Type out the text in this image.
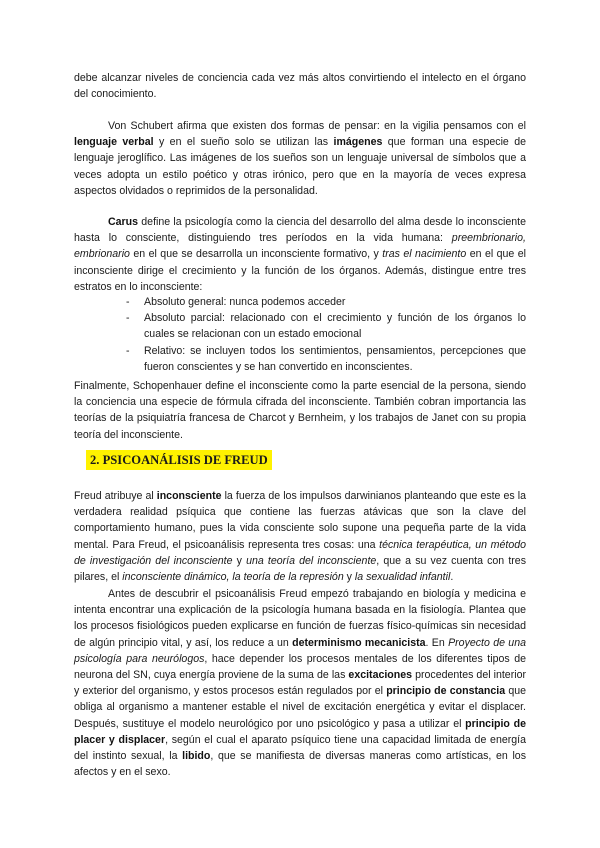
debe alcanzar niveles de conciencia cada vez más altos convirtiendo el intelecto en el órgano del conocimiento.

Von Schubert afirma que existen dos formas de pensar: en la vigilia pensamos con el lenguaje verbal y en el sueño solo se utilizan las imágenes que forman una especie de lenguaje jeroglífico. Las imágenes de los sueños son un lenguaje universal de símbolos que a veces adopta un estilo poético y otras irónico, pero que en la mayoría de veces expresa aspectos olvidados o reprimidos de la personalidad.

Carus define la psicología como la ciencia del desarrollo del alma desde lo inconsciente hasta lo consciente, distinguiendo tres períodos en la vida humana: preembrionario, embrionario en el que se desarrolla un inconsciente formativo, y tras el nacimiento en el que el inconsciente dirige el crecimiento y la función de los órganos. Además, distingue entre tres estratos en lo inconsciente:

- Absoluto general: nunca podemos acceder
- Absoluto parcial: relacionado con el crecimiento y función de los órganos lo cuales se relacionan con un estado emocional
- Relativo: se incluyen todos los sentimientos, pensamientos, percepciones que fueron conscientes y se han convertido en inconscientes.

Finalmente, Schopenhauer define el inconsciente como la parte esencial de la persona, siendo la conciencia una especie de fórmula cifrada del inconsciente. También cobran importancia las teorías de la psiquiatría francesa de Charcot y Bernheim, y los trabajos de Janet con su propia teoría del inconsciente.

2. PSICOANÁLISIS DE FREUD

Freud atribuye al inconsciente la fuerza de los impulsos darwinianos planteando que este es la verdadera realidad psíquica que contiene las fuerzas atávicas que son la clave del comportamiento humano, pues la vida consciente solo supone una pequeña parte de la vida mental. Para Freud, el psicoanálisis representa tres cosas: una técnica terapéutica, un método de investigación del inconsciente y una teoría del inconsciente, que a su vez cuenta con tres pilares, el inconsciente dinámico, la teoría de la represión y la sexualidad infantil.

Antes de descubrir el psicoanálisis Freud empezó trabajando en biología y medicina e intenta encontrar una explicación de la psicología humana basada en la fisiología. Plantea que los procesos fisiológicos pueden explicarse en función de fuerzas físico-químicas sin necesidad de algún principio vital, y así, los reduce a un determinismo mecanicista. En Proyecto de una psicología para neurólogos, hace depender los procesos mentales de los diferentes tipos de neurona del SN, cuya energía proviene de la suma de las excitaciones procedentes del interior y exterior del organismo, y estos procesos están regulados por el principio de constancia que obliga al organismo a mantener estable el nivel de excitación energética y evitar el displacer. Después, sustituye el modelo neurológico por uno psicológico y pasa a utilizar el principio de placer y displacer, según el cual el aparato psíquico tiene una capacidad limitada de energía del instinto sexual, la libido, que se manifiesta de diversas maneras como artísticas, en los afectos y en el sexo.
